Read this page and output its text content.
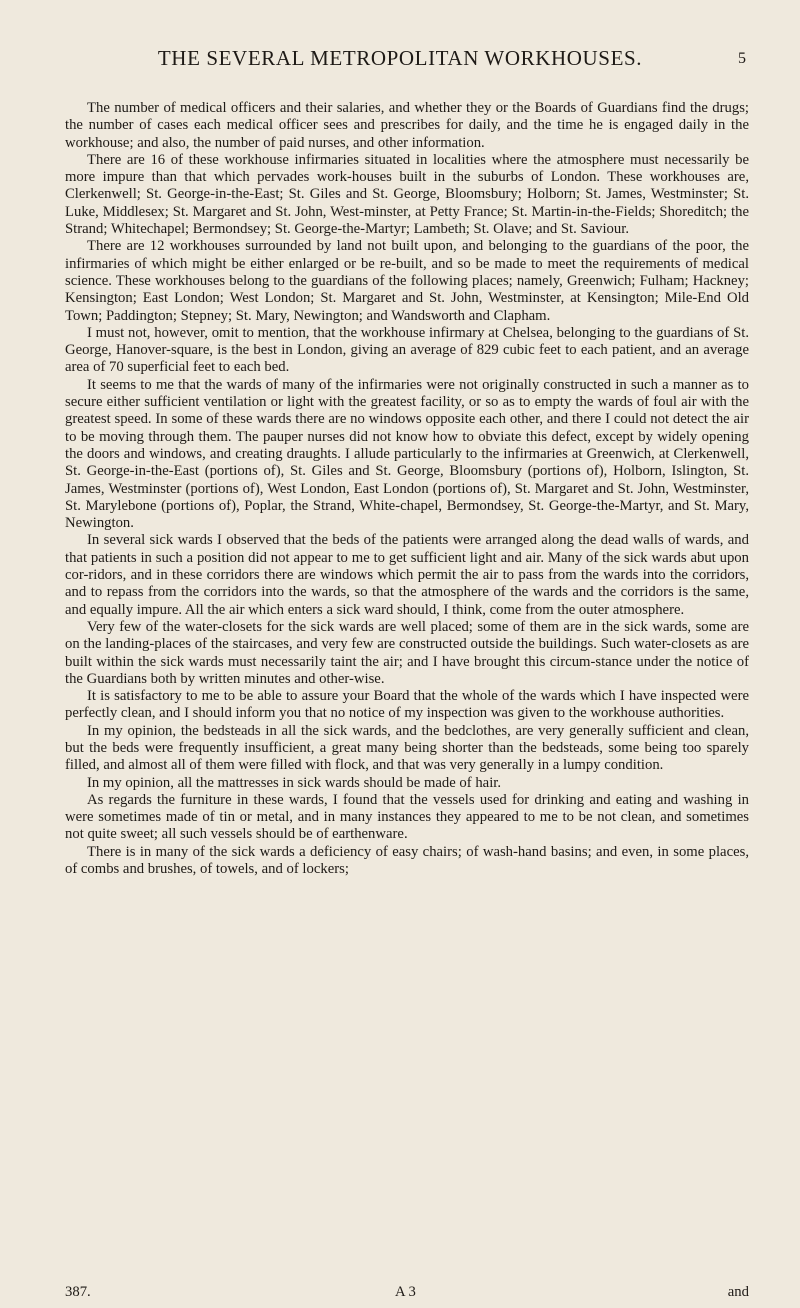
THE SEVERAL METROPOLITAN WORKHOUSES.	5

The number of medical officers and their salaries, and whether they or the Boards of Guardians find the drugs; the number of cases each medical officer sees and prescribes for daily, and the time he is engaged daily in the workhouse; and also, the number of paid nurses, and other information.

There are 16 of these workhouse infirmaries situated in localities where the atmosphere must necessarily be more impure than that which pervades work-houses built in the suburbs of London. These workhouses are, Clerkenwell; St. George-in-the-East; St. Giles and St. George, Bloomsbury; Holborn; St. James, Westminster; St. Luke, Middlesex; St. Margaret and St. John, West-minster, at Petty France; St. Martin-in-the-Fields; Shoreditch; the Strand; Whitechapel; Bermondsey; St. George-the-Martyr; Lambeth; St. Olave; and St. Saviour.

There are 12 workhouses surrounded by land not built upon, and belonging to the guardians of the poor, the infirmaries of which might be either enlarged or be re-built, and so be made to meet the requirements of medical science. These workhouses belong to the guardians of the following places; namely, Greenwich; Fulham; Hackney; Kensington; East London; West London; St. Margaret and St. John, Westminster, at Kensington; Mile-End Old Town; Paddington; Stepney; St. Mary, Newington; and Wandsworth and Clapham.

I must not, however, omit to mention, that the workhouse infirmary at Chelsea, belonging to the guardians of St. George, Hanover-square, is the best in London, giving an average of 829 cubic feet to each patient, and an average area of 70 superficial feet to each bed.

It seems to me that the wards of many of the infirmaries were not originally constructed in such a manner as to secure either sufficient ventilation or light with the greatest facility, or so as to empty the wards of foul air with the greatest speed. In some of these wards there are no windows opposite each other, and there I could not detect the air to be moving through them. The pauper nurses did not know how to obviate this defect, except by widely opening the doors and windows, and creating draughts. I allude particularly to the infirmaries at Greenwich, at Clerkenwell, St. George-in-the-East (portions of), St. Giles and St. George, Bloomsbury (portions of), Holborn, Islington, St. James, Westminster (portions of), West London, East London (portions of), St. Margaret and St. John, Westminster, St. Marylebone (portions of), Poplar, the Strand, White-chapel, Bermondsey, St. George-the-Martyr, and St. Mary, Newington.

In several sick wards I observed that the beds of the patients were arranged along the dead walls of wards, and that patients in such a position did not appear to me to get sufficient light and air. Many of the sick wards abut upon cor-ridors, and in these corridors there are windows which permit the air to pass from the wards into the corridors, and to repass from the corridors into the wards, so that the atmosphere of the wards and the corridors is the same, and equally impure. All the air which enters a sick ward should, I think, come from the outer atmosphere.

Very few of the water-closets for the sick wards are well placed; some of them are in the sick wards, some are on the landing-places of the staircases, and very few are constructed outside the buildings. Such water-closets as are built within the sick wards must necessarily taint the air; and I have brought this circum-stance under the notice of the Guardians both by written minutes and other-wise.

It is satisfactory to me to be able to assure your Board that the whole of the wards which I have inspected were perfectly clean, and I should inform you that no notice of my inspection was given to the workhouse authorities.

In my opinion, the bedsteads in all the sick wards, and the bedclothes, are very generally sufficient and clean, but the beds were frequently insufficient, a great many being shorter than the bedsteads, some being too sparely filled, and almost all of them were filled with flock, and that was very generally in a lumpy condition.

In my opinion, all the mattresses in sick wards should be made of hair.

As regards the furniture in these wards, I found that the vessels used for drinking and eating and washing in were sometimes made of tin or metal, and in many instances they appeared to me to be not clean, and sometimes not quite sweet; all such vessels should be of earthenware.

There is in many of the sick wards a deficiency of easy chairs; of wash-hand basins; and even, in some places, of combs and brushes, of towels, and of lockers;

387.	A 3	and
